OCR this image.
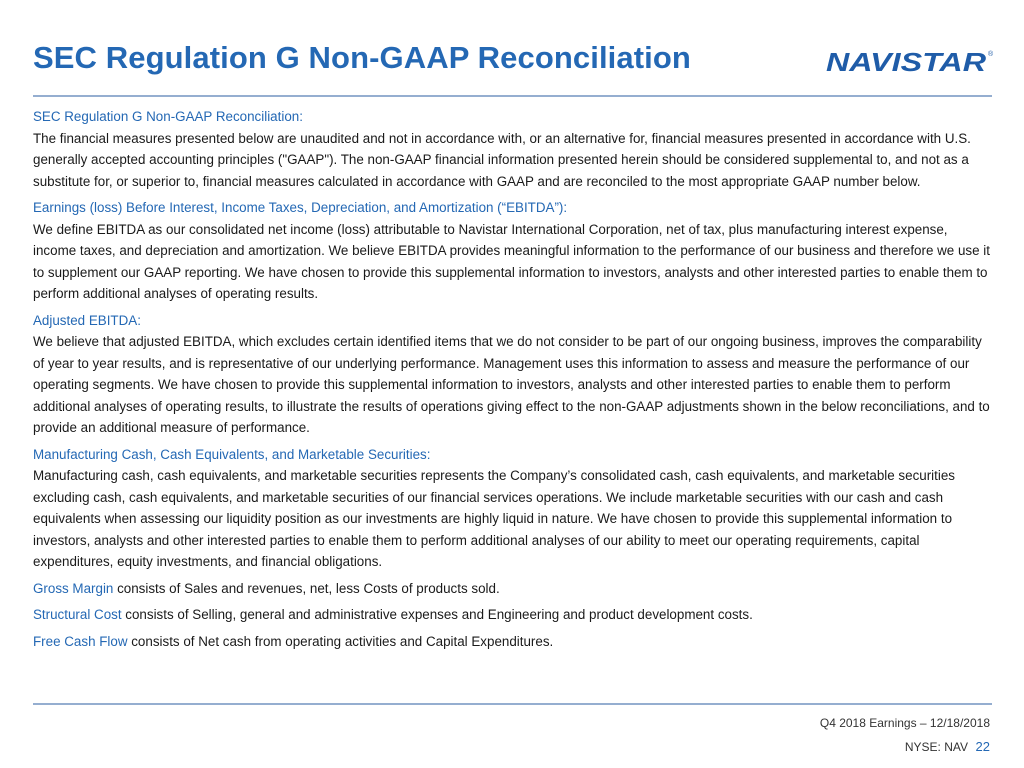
SEC Regulation G Non-GAAP Reconciliation	NAVISTAR ®
SEC Regulation G Non-GAAP Reconciliation:
The financial measures presented below are unaudited and not in accordance with, or an alternative for, financial measures presented in accordance with U.S. generally accepted accounting principles ("GAAP"). The non-GAAP financial information presented herein should be considered supplemental to, and not as a substitute for, or superior to, financial measures calculated in accordance with GAAP and are reconciled to the most appropriate GAAP number below.
Earnings (loss) Before Interest, Income Taxes, Depreciation, and Amortization (“EBITDA”):
We define EBITDA as our consolidated net income (loss) attributable to Navistar International Corporation, net of tax, plus manufacturing interest expense, income taxes, and depreciation and amortization. We believe EBITDA provides meaningful information to the performance of our business and therefore we use it to supplement our GAAP reporting. We have chosen to provide this supplemental information to investors, analysts and other interested parties to enable them to perform additional analyses of operating results.
Adjusted EBITDA:
We believe that adjusted EBITDA, which excludes certain identified items that we do not consider to be part of our ongoing business, improves the comparability of year to year results, and is representative of our underlying performance. Management uses this information to assess and measure the performance of our operating segments. We have chosen to provide this supplemental information to investors, analysts and other interested parties to enable them to perform additional analyses of operating results, to illustrate the results of operations giving effect to the non-GAAP adjustments shown in the below reconciliations, and to provide an additional measure of performance.
Manufacturing Cash, Cash Equivalents, and Marketable Securities:
Manufacturing cash, cash equivalents, and marketable securities represents the Company’s consolidated cash, cash equivalents, and marketable securities excluding cash, cash equivalents, and marketable securities of our financial services operations. We include marketable securities with our cash and cash equivalents when assessing our liquidity position as our investments are highly liquid in nature. We have chosen to provide this supplemental information to investors, analysts and other interested parties to enable them to perform additional analyses of our ability to meet our operating requirements, capital expenditures, equity investments, and financial obligations.
Gross Margin consists of Sales and revenues, net, less Costs of products sold.
Structural Cost consists of Selling, general and administrative expenses and Engineering and product development costs.
Free Cash Flow consists of Net cash from operating activities and Capital Expenditures.
Q4 2018 Earnings – 12/18/2018
NYSE: NAV 22
